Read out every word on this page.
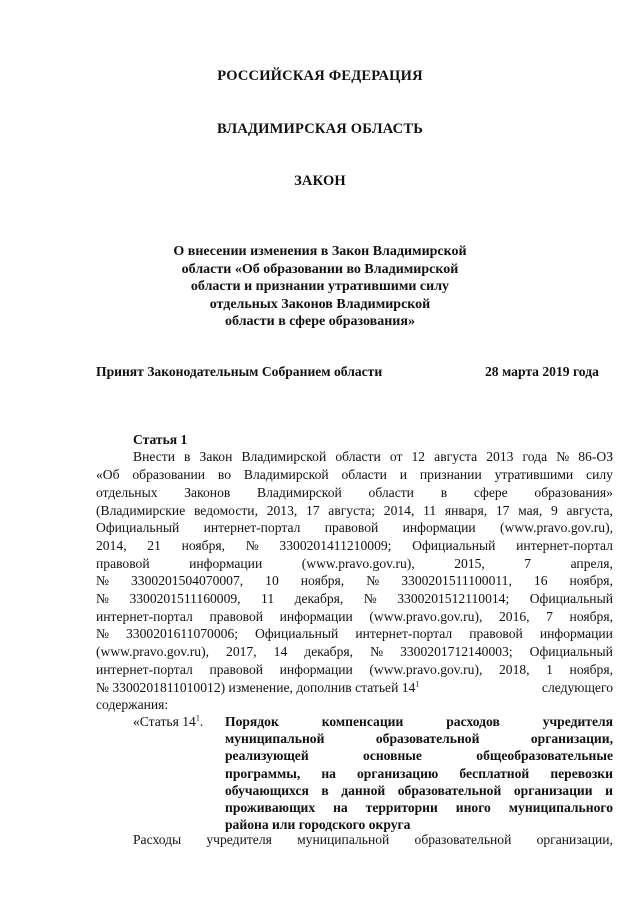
РОССИЙСКАЯ ФЕДЕРАЦИЯ
ВЛАДИМИРСКАЯ ОБЛАСТЬ
ЗАКОН
О внесении изменения в Закон Владимирской
области «Об образовании во Владимирской
области и признании утратившими силу
отдельных Законов Владимирской
области в сфере образования»
Принят Законодательным Собранием области	28 марта 2019 года
Статья 1
Внести в Закон Владимирской области от 12 августа 2013 года № 86-ОЗ
«Об образовании во Владимирской области и признании утратившими силу
отдельных Законов Владимирской области в сфере образования»
(Владимирские ведомости, 2013, 17 августа; 2014, 11 января, 17 мая, 9 августа,
Официальный интернет-портал правовой информации (www.pravo.gov.ru),
2014, 21 ноября, № 3300201411210009; Официальный интернет-портал
правовой	информации	(www.pravo.gov.ru),	2015,	7	апреля,
№ 3300201504070007, 10 ноября, № 3300201511100011, 16 ноября,
№ 3300201511160009, 11 декабря, № 3300201512110014; Официальный
интернет-портал правовой информации (www.pravo.gov.ru), 2016, 7 ноября,
№ 3300201611070006; Официальный интернет-портал правовой информации
(www.pravo.gov.ru), 2017, 14 декабря, № 3300201712140003; Официальный
интернет-портал правовой информации (www.pravo.gov.ru), 2018, 1 ноября,
№ 3300201811010012) изменение, дополнив статьей $14^1$	следующего
содержания:
«Статья $14^1$. Порядок	компенсации	расходов	учредителя
муниципальной	образовательной	организации,
реализующей	основные	общеобразовательные
программы, на организацию бесплатной перевозки
обучающихся в данной образовательной организации и
проживающих на территории иного муниципального
района или городского округа
Расходы учредителя муниципальной образовательной организации,
